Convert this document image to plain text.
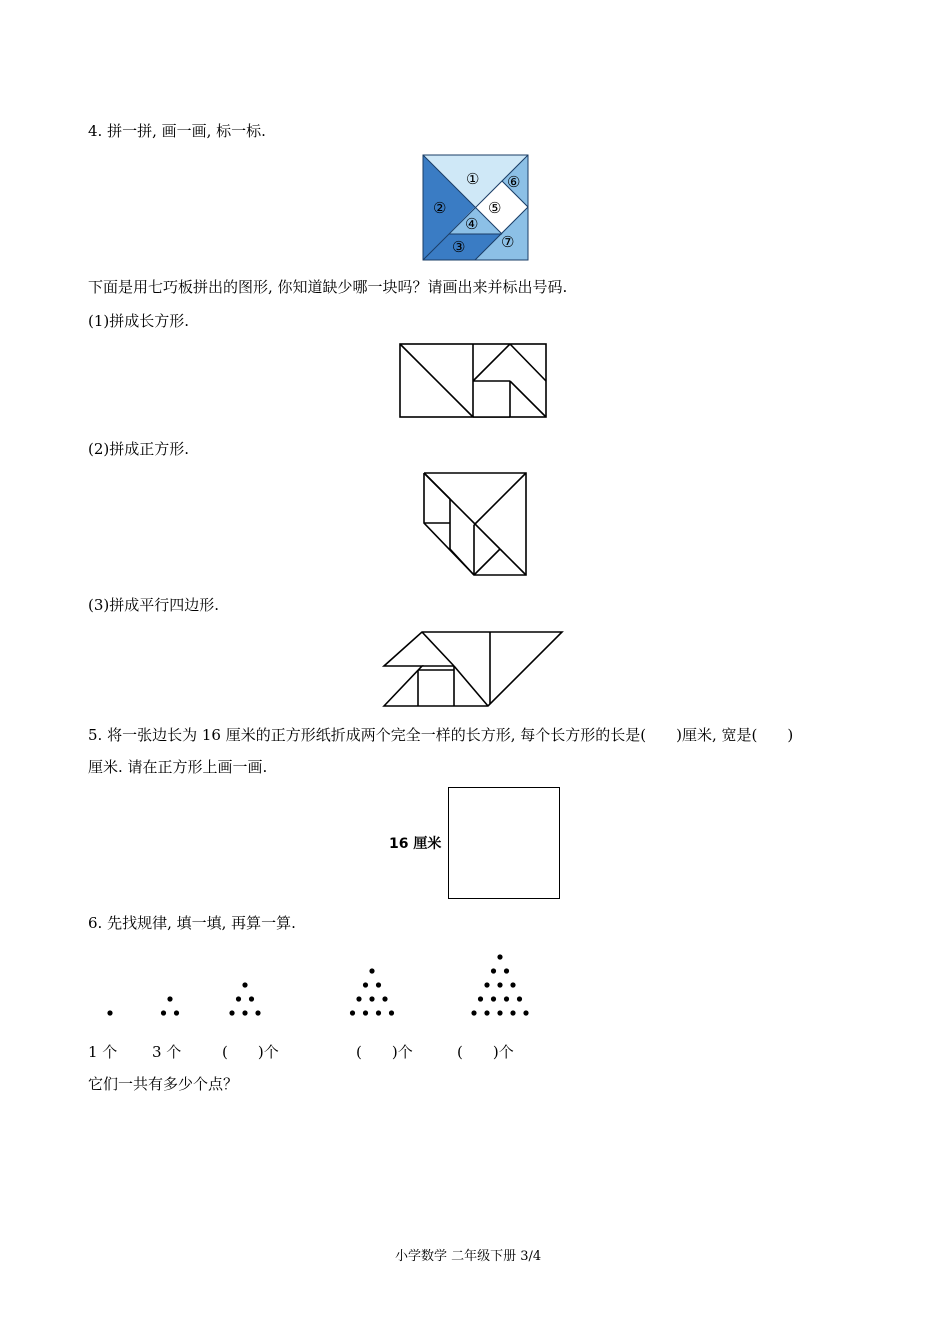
4. 拼一拼, 画一画, 标一标.
①
②
③
④
⑤
⑥
⑦
下面是用七巧板拼出的图形, 你知道缺少哪一块吗？请画出来并标出号码.
(1)拼成长方形.
(2)拼成正方形.
(3)拼成平行四边形.
5. 将一张边长为 16 厘米的正方形纸折成两个完全一样的长方形, 每个长方形的长是(　　)厘米, 宽是(　　)
厘米. 请在正方形上画一画.
16 厘米
6. 先找规律, 填一填, 再算一算.
1 个 3 个	(　　)个	(　　)个	(　　)个
它们一共有多少个点？
小学数学 二年级下册 3/4
